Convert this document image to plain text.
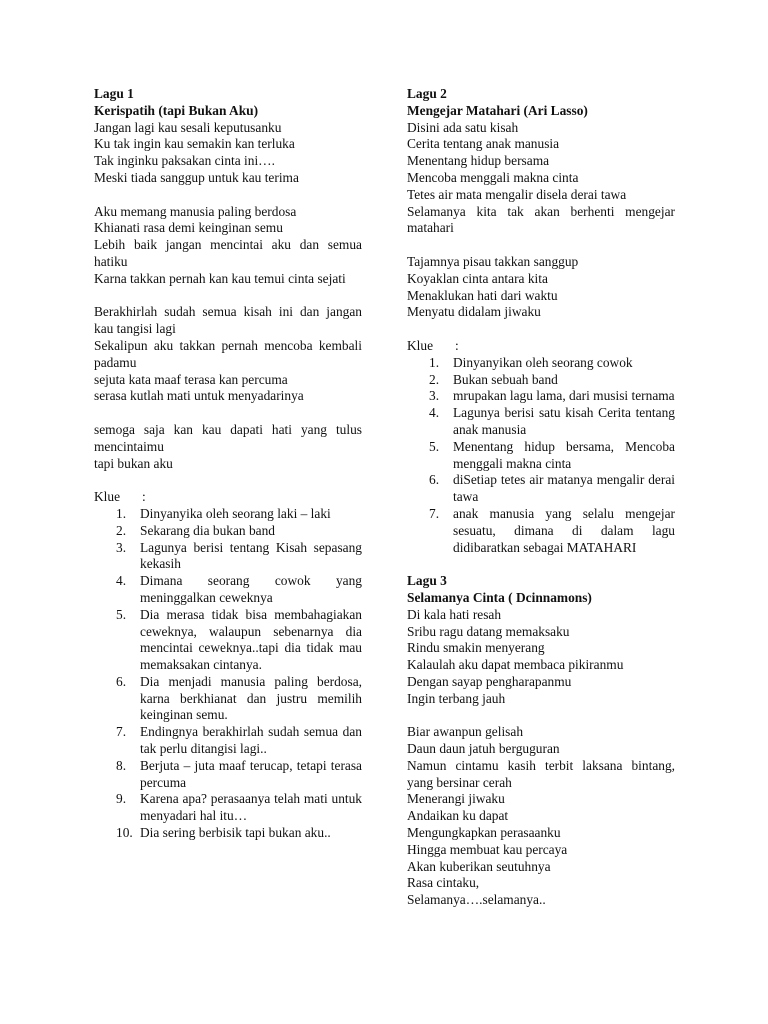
Lagu 1
Kerispatih (tapi Bukan Aku)
Jangan lagi kau sesali keputusanku
Ku tak ingin kau semakin kan terluka
Tak inginku paksakan cinta ini….
Meski tiada sanggup untuk kau terima
Aku memang manusia paling berdosa
Khianati rasa demi keinginan semu
Lebih baik jangan mencintai aku dan semua hatiku
Karna takkan pernah kan kau temui cinta sejati
Berakhirlah sudah semua kisah ini dan jangan kau tangisi lagi
Sekalipun aku takkan pernah mencoba kembali padamu
sejuta kata maaf terasa kan percuma
serasa kutlah mati untuk menyadarinya
semoga saja kan kau dapati hati yang tulus mencintaimu
tapi bukan aku
Klue :
1. Dinyanyika oleh seorang laki – laki
2. Sekarang dia bukan band
3. Lagunya berisi tentang Kisah sepasang kekasih
4. Dimana seorang cowok yang meninggalkan ceweknya
5. Dia merasa tidak bisa membahagiakan ceweknya, walaupun sebenarnya dia mencintai ceweknya..tapi dia tidak mau memaksakan cintanya.
6. Dia menjadi manusia paling berdosa, karna berkhianat dan justru memilih keinginan semu.
7. Endingnya berakhirlah sudah semua dan tak perlu ditangisi lagi..
8. Berjuta – juta maaf terucap, tetapi terasa percuma
9. Karena apa? perasaanya telah mati untuk menyadari hal itu…
10. Dia sering berbisik tapi bukan aku..
Lagu 2
Mengejar Matahari (Ari Lasso)
Disini ada satu kisah
Cerita tentang anak manusia
Menentang hidup bersama
Mencoba menggali makna cinta
Tetes air mata mengalir disela derai tawa
Selamanya kita tak akan berhenti mengejar matahari
Tajamnya pisau takkan sanggup
Koyaklan cinta antara kita
Menaklukan hati dari waktu
Menyatu didalam jiwaku
Klue :
1. Dinyanyikan oleh seorang cowok
2. Bukan sebuah band
3. mrupakan lagu lama, dari musisi ternama
4. Lagunya berisi satu kisah Cerita tentang anak manusia
5. Menentang hidup bersama, Mencoba menggali makna cinta
6. diSetiap tetes air matanya mengalir derai tawa
7. anak manusia yang selalu mengejar sesuatu, dimana di dalam lagu didibaratkan sebagai MATAHARI
Lagu 3
Selamanya Cinta ( Dcinnamons)
Di kala hati resah
Sribu ragu datang memaksaku
Rindu smakin menyerang
Kalaulah aku dapat membaca pikiranmu
Dengan sayap pengharapanmu
Ingin terbang jauh
Biar awanpun gelisah
Daun daun jatuh berguguran
Namun cintamu kasih terbit laksana bintang, yang bersinar cerah
Menerangi jiwaku
Andaikan ku dapat
Mengungkapkan perasaanku
Hingga membuat kau percaya
Akan kuberikan seutuhnya
Rasa cintaku,
Selamanya….selamanya..
